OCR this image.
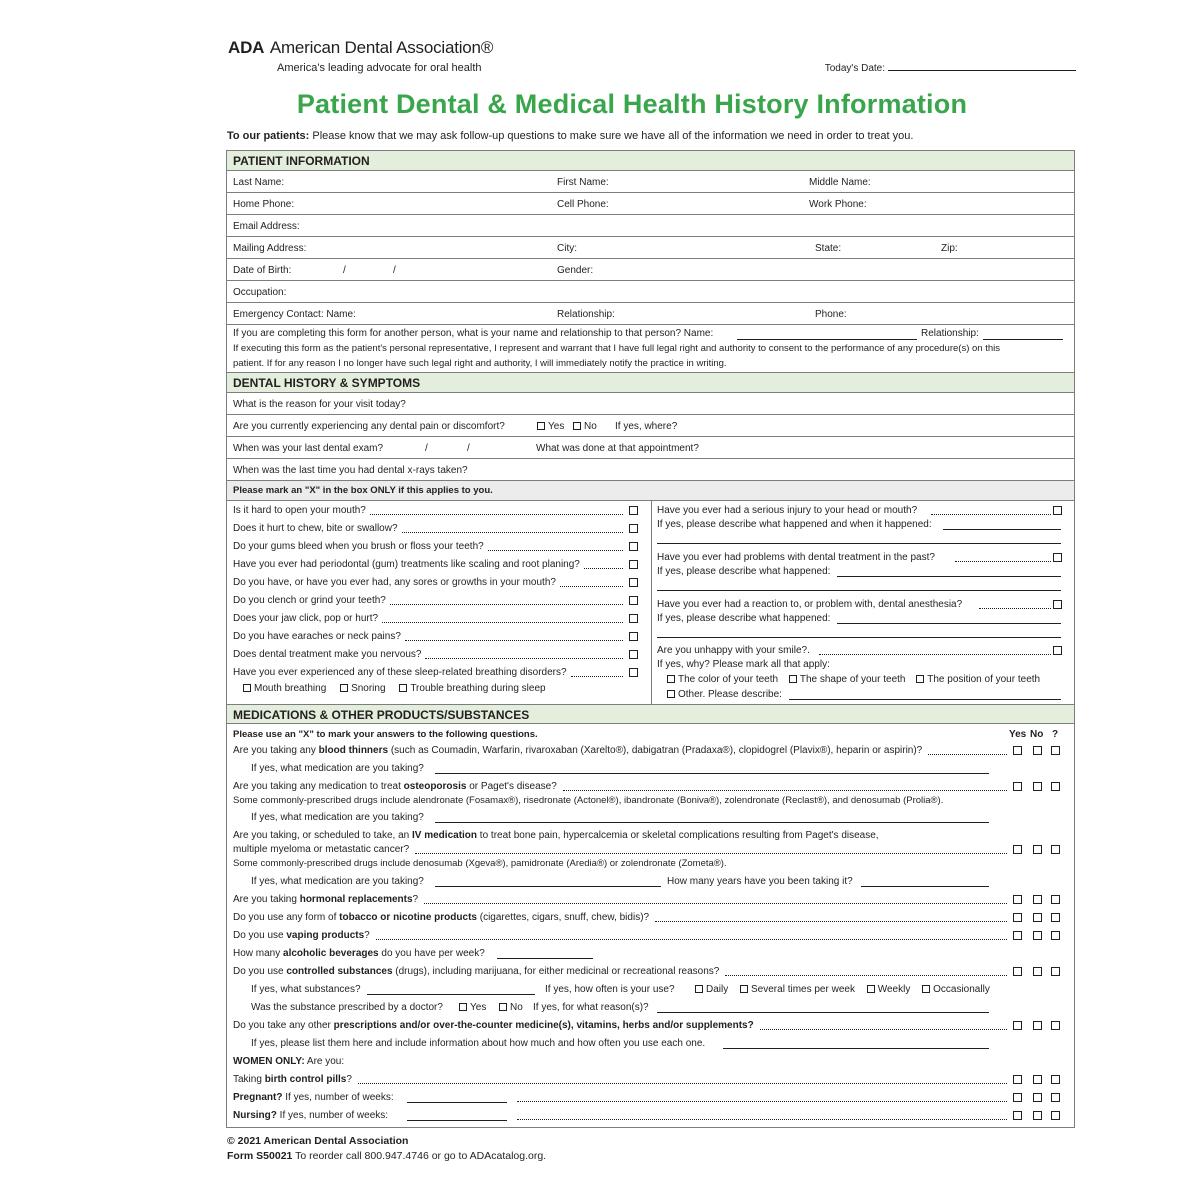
ADA American Dental Association®
America's leading advocate for oral health	Today's Date:
Patient Dental & Medical Health History Information
To our patients: Please know that we may ask follow-up questions to make sure we have all of the information we need in order to treat you.
PATIENT INFORMATION
Last Name:	First Name:	Middle Name:
Home Phone:	Cell Phone:	Work Phone:
Email Address:
Mailing Address:	City:	State:	Zip:
Date of Birth:	/	/	Gender:
Occupation:
Emergency Contact: Name:	Relationship:	Phone:
If you are completing this form for another person, what is your name and relationship to that person? Name:	Relationship:
If executing this form as the patient's personal representative, I represent and warrant that I have full legal right and authority to consent to the performance of any procedure(s) on this
patient. If for any reason I no longer have such legal right and authority, I will immediately notify the practice in writing.
DENTAL HISTORY & SYMPTOMS
What is the reason for your visit today?
Are you currently experiencing any dental pain or discomfort?	Yes	No If yes, where?
When was your last dental exam?	/	/	What was done at that appointment?
When was the last time you had dental x-rays taken?
Please mark an "X" in the box ONLY if this applies to you.
Is it hard to open your mouth?
Does it hurt to chew, bite or swallow?
Do your gums bleed when you brush or floss your teeth?
Have you ever had periodontal (gum) treatments like scaling and root planing?
Do you have, or have you ever had, any sores or growths in your mouth?
Do you clench or grind your teeth?
Does your jaw click, pop or hurt?
Do you have earaches or neck pains?
Does dental treatment make you nervous?
Have you ever experienced any of these sleep-related breathing disorders?
Mouth breathing Snoring Trouble breathing during sleep
Have you ever had a serious injury to your head or mouth?
If yes, please describe what happened and when it happened:
Have you ever had problems with dental treatment in the past?
If yes, please describe what happened:
Have you ever had a reaction to, or problem with, dental anesthesia?
If yes, please describe what happened:
Are you unhappy with your smile?.
If yes, why? Please mark all that apply:
The color of your teeth The shape of your teeth The position of your teeth
Other. Please describe:
MEDICATIONS & OTHER PRODUCTS/SUBSTANCES
Please use an "X" to mark your answers to the following questions.	Yes No ?
Are you taking any blood thinners (such as Coumadin, Warfarin, rivaroxaban (Xarelto®), dabigatran (Pradaxa®), clopidogrel (Plavix®), heparin or aspirin)?
If yes, what medication are you taking?
Are you taking any medication to treat osteoporosis or Paget's disease?
Some commonly-prescribed drugs include alendronate (Fosamax®), risedronate (Actonel®), ibandronate (Boniva®), zolendronate (Reclast®), and denosumab (Prolia®).
If yes, what medication are you taking?
Are you taking, or scheduled to take, an IV medication to treat bone pain, hypercalcemia or skeletal complications resulting from Paget's disease,
multiple myeloma or metastatic cancer?
Some commonly-prescribed drugs include denosumab (Xgeva®), pamidronate (Aredia®) or zolendronate (Zometa®).
If yes, what medication are you taking?	How many years have you been taking it?
Are you taking hormonal replacements?
Do you use any form of tobacco or nicotine products (cigarettes, cigars, snuff, chew, bidis)?
Do you use vaping products?
How many alcoholic beverages do you have per week?
Do you use controlled substances (drugs), including marijuana, for either medicinal or recreational reasons?
If yes, what substances?	If yes, how often is your use?	Daily Several times per week Weekly Occasionally
Was the substance prescribed by a doctor?	Yes	No If yes, for what reason(s)?
Do you take any other prescriptions and/or over-the-counter medicine(s), vitamins, herbs and/or supplements?
If yes, please list them here and include information about how much and how often you use each one.
WOMEN ONLY: Are you:
Taking birth control pills?
Pregnant? If yes, number of weeks:
Nursing? If yes, number of weeks:
© 2021 American Dental Association
Form S50021 To reorder call 800.947.4746 or go to ADAcatalog.org.
